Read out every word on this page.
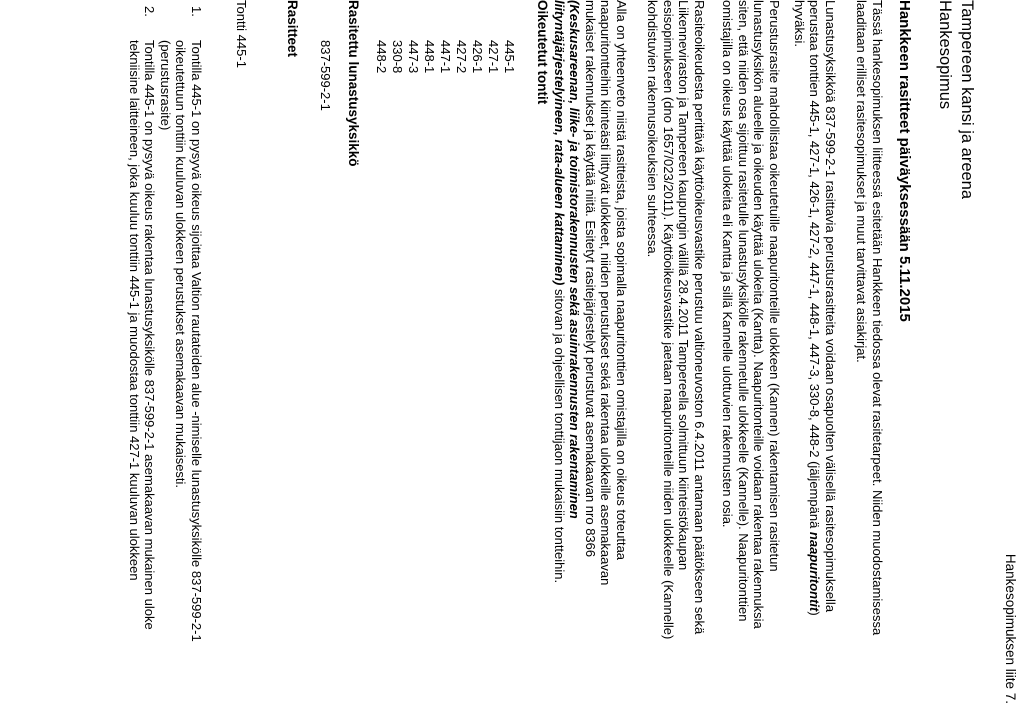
Hankesopimuksen liite 7.
Tampereen kansi ja areena
Hankesopimus
Hankkeen rasitteet päiväyksessään 5.11.2015

Tässä hankesopimuksen liitteessä esitetään Hankkeen tiedossa olevat rasitetarpeet. Niiden muodostamisessa laaditaan erilliset rasitesopimukset ja muut tarvittavat asiakirjat.

Lunastusyksikköä 837-599-2-1 rasittavia perustusrasitteita voidaan osapuolten välisellä rasitesopimuksella perustaa tonttien 445-1, 427-1, 426-1, 427-2, 447-1, 448-1, 447-3, 330-8, 448-2 (jäljempänä naapuritontit) hyväksi.

Perustusrasite mahdollistaa oikeutetuille naapuritonteille ulokkeen (Kannen) rakentamisen rasitetun lunastusyksikön alueelle ja oikeuden käyttää ulokeita (Kantta). Naapuritonteille voidaan rakentaa rakennuksia siten, että niiden osa sijoittuu rasitetulle lunastusyksikölle rakennetulle ulokkeelle (Kannelle). Naapuritonttien omistajilla on oikeus käyttää ulokeita eli Kantta ja sillä Kannelle ulottuvien rakennusten osia.

Rasiteoikeudesta perittävä käyttöoikeusvastike perustuu valtioneuvoston 6.4.2011 antamaan päätökseen sekä Liikenneviraston ja Tampereen kaupungin välillä 28.4.2011 Tampereella solmittuun kiinteistökaupan esisopimukseen (dno 1657/023/2011). Käyttöoikeusvastike jaetaan naapuritonteille niiden ulokkeelle (Kannelle) kohdistuvien rakennusoikeuksien suhteessa.

Alla on yhteenveto niistä rasitteista, joista sopimalla naapuritonttien omistajilla on oikeus toteuttaa naapuritontteihin kiinteästi liittyvät ulokkeet, niiden perustukset sekä rakentaa ulokkeille asemakaavan mukaiset rakennukset ja käyttää niitä. Esitetyt rasitejärjestelyt perustuvat asemakaavan nro 8366 (Keskusareenan, liike- ja toimistorakennusten sekä asuinrakennusten rakentaminen liityntäjärjestelyineen, rata-alueen kattaminen) sitovan ja ohjeellisen tonttijaon mukaisiin tontteihin.

Oikeutetut tontit
445-1
427-1
426-1
427-2
447-1
448-1
447-3
330-8
448-2
Rasitettu lunastusyksikkö
837-599-2-1
Rasitteet
Tontti 445-1
1.
Tontilla 445-1 on pysyvä oikeus sijoittaa Valtion rautateiden alue -nimiselle lunastusyksikölle 837-599-2-1 oikeutettuun tonttiin kuuluvan ulokkeen perustukset asemakaavan mukaisesti.
(perustusrasite)
2.
Tontilla 445-1 on pysyvä oikeus rakentaa lunastusyksikölle 837-599-2-1 asemakaavan mukainen uloke tekniisine laitteineen, joka kuuluu tonttiin 445-1 ja muodostaa tonttiin 427-1 kuuluvan ulokkeen
